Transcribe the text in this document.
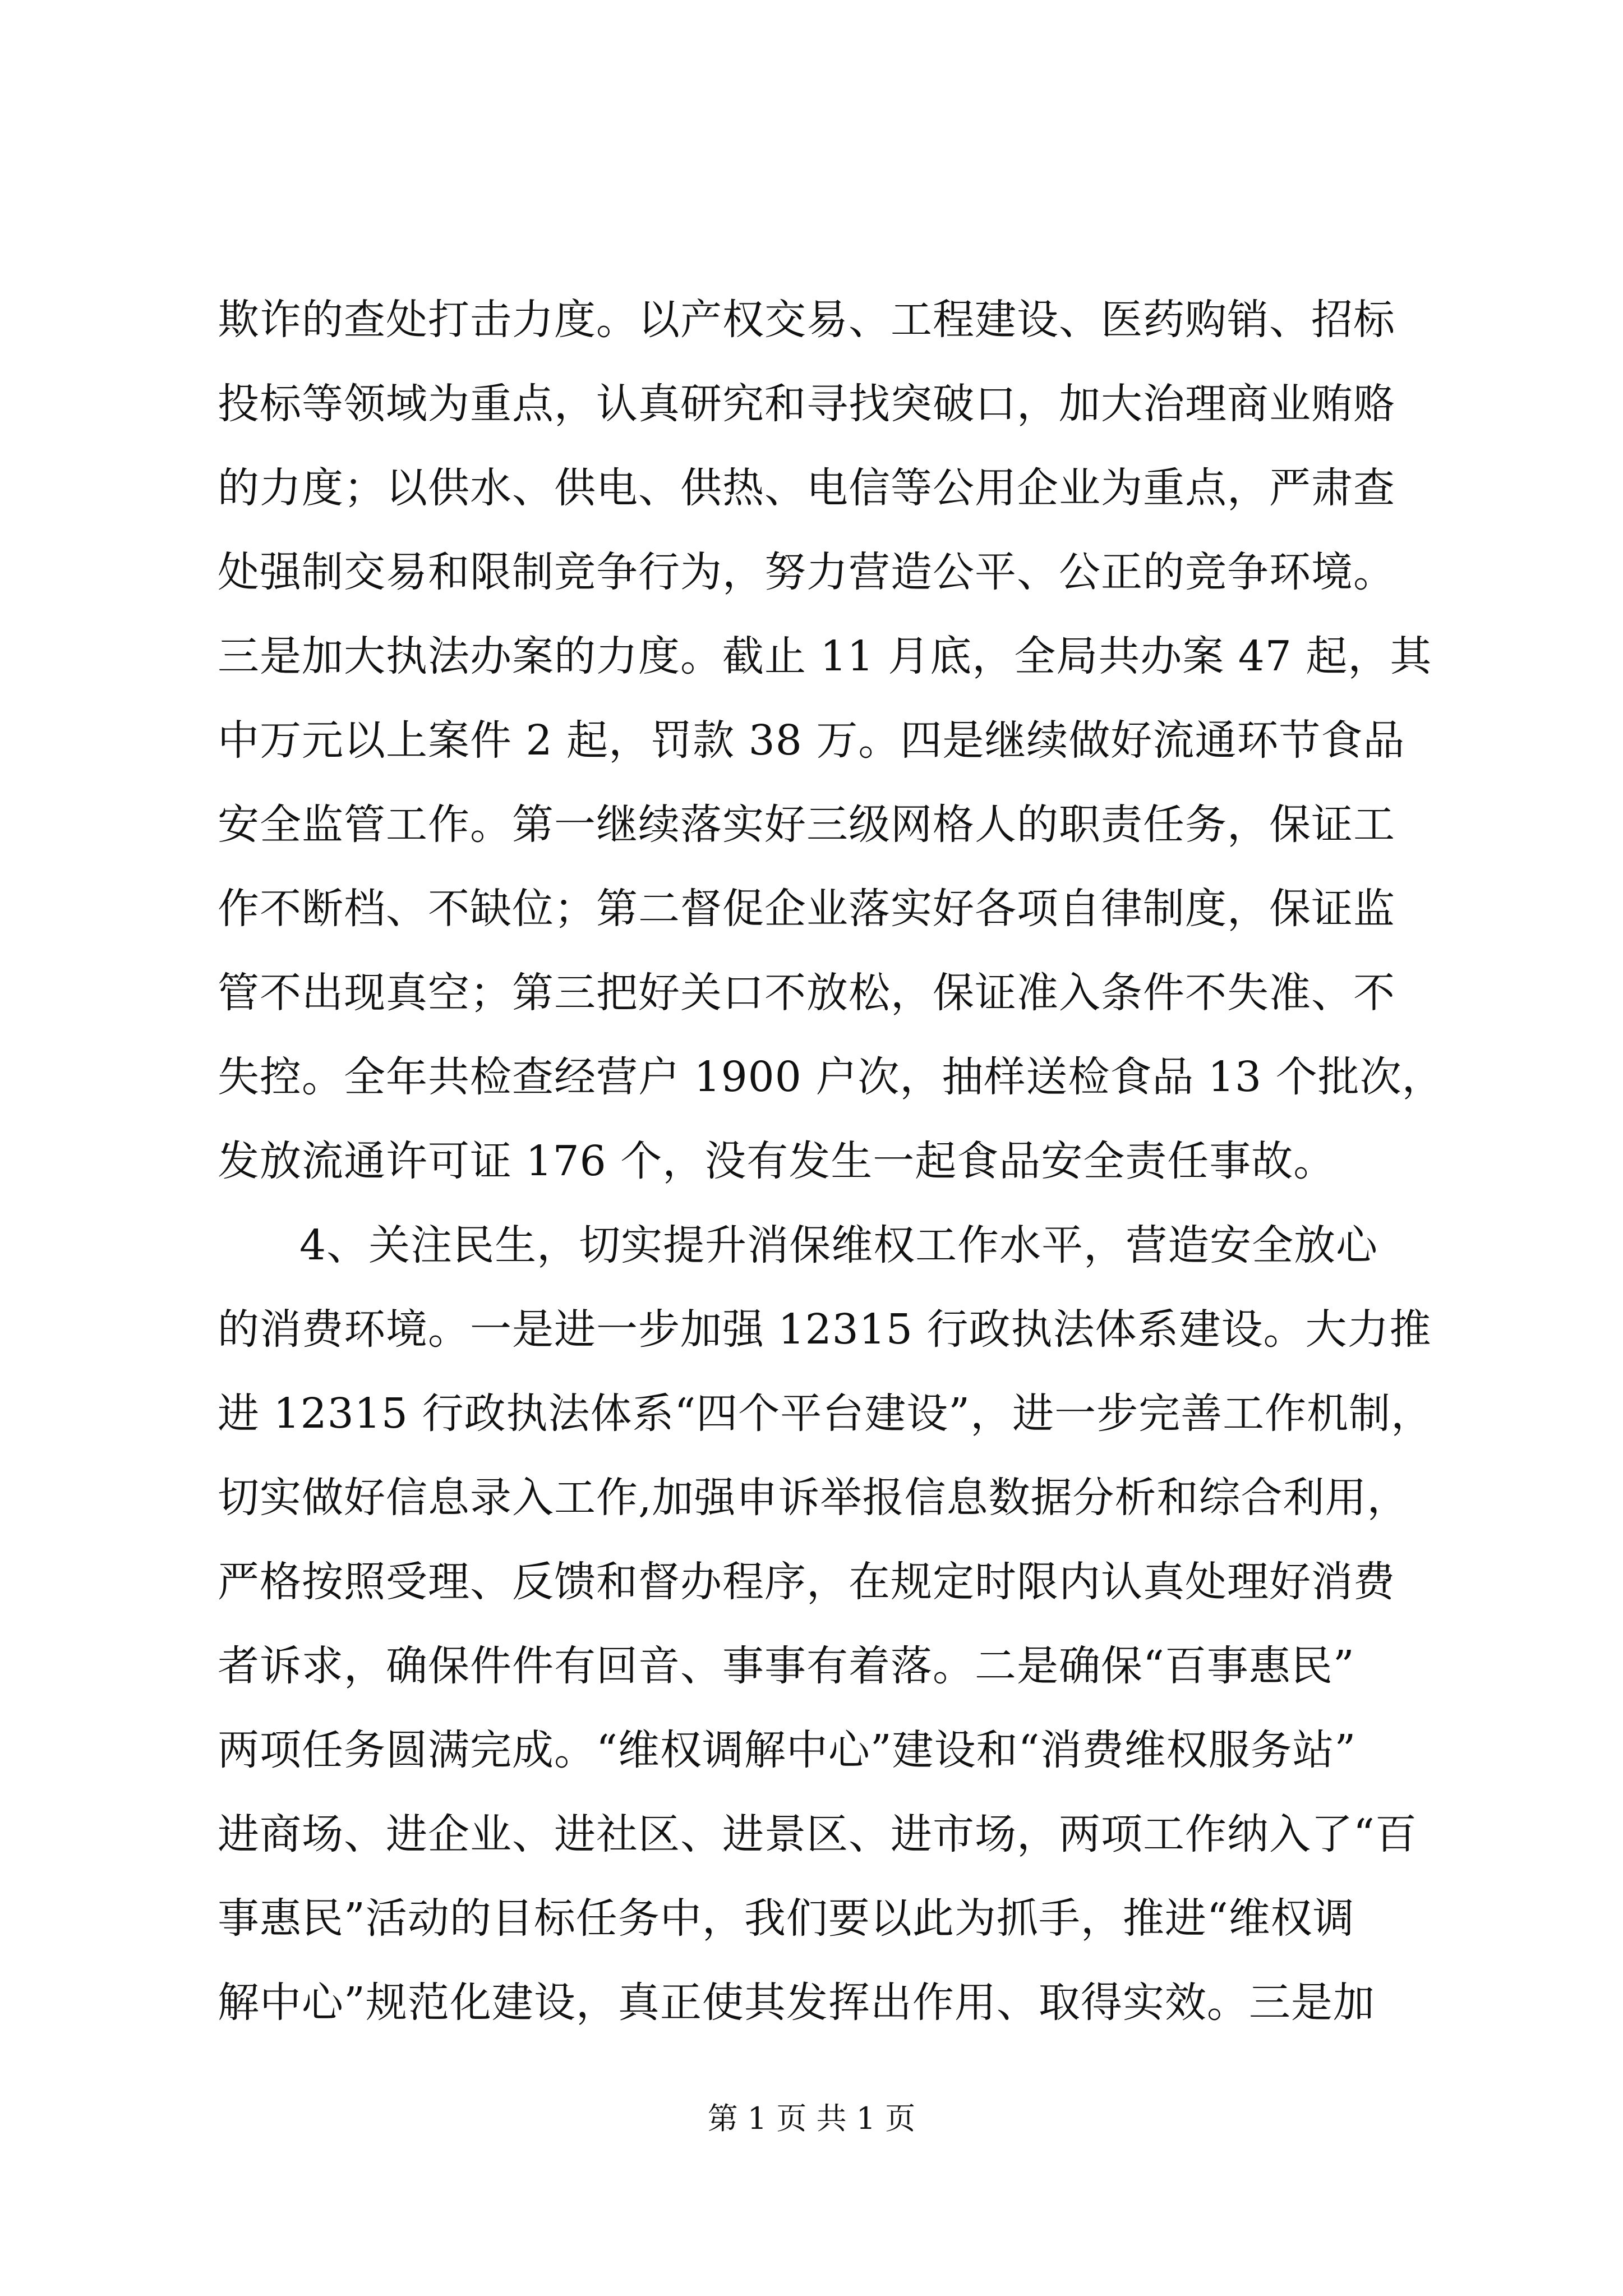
欺诈的查处打击力度。以产权交易、工程建设、医药购销、招标
投标等领域为重点，认真研究和寻找突破口，加大治理商业贿赂
的力度；以供水、供电、供热、电信等公用企业为重点，严肃查
处强制交易和限制竞争行为，努力营造公平、公正的竞争环境。
三是加大执法办案的力度。截止 11 月底，全局共办案 47 起，其
中万元以上案件 2 起，罚款 38 万。四是继续做好流通环节食品
安全监管工作。第一继续落实好三级网格人的职责任务，保证工
作不断档、不缺位；第二督促企业落实好各项自律制度，保证监
管不出现真空；第三把好关口不放松，保证准入条件不失准、不
失控。全年共检查经营户 1900 户次，抽样送检食品 13 个批次，
发放流通许可证 176 个，没有发生一起食品安全责任事故。
4、关注民生，切实提升消保维权工作水平，营造安全放心
的消费环境。一是进一步加强 12315 行政执法体系建设。大力推
进 12315 行政执法体系“四个平台建设”，进一步完善工作机制，
切实做好信息录入工作,加强申诉举报信息数据分析和综合利用，
严格按照受理、反馈和督办程序，在规定时限内认真处理好消费
者诉求，确保件件有回音、事事有着落。二是确保“百事惠民”
两项任务圆满完成。“维权调解中心”建设和“消费维权服务站”
进商场、进企业、进社区、进景区、进市场，两项工作纳入了“百
事惠民”活动的目标任务中，我们要以此为抓手，推进“维权调
解中心”规范化建设，真正使其发挥出作用、取得实效。三是加
第 1 页 共 1 页
